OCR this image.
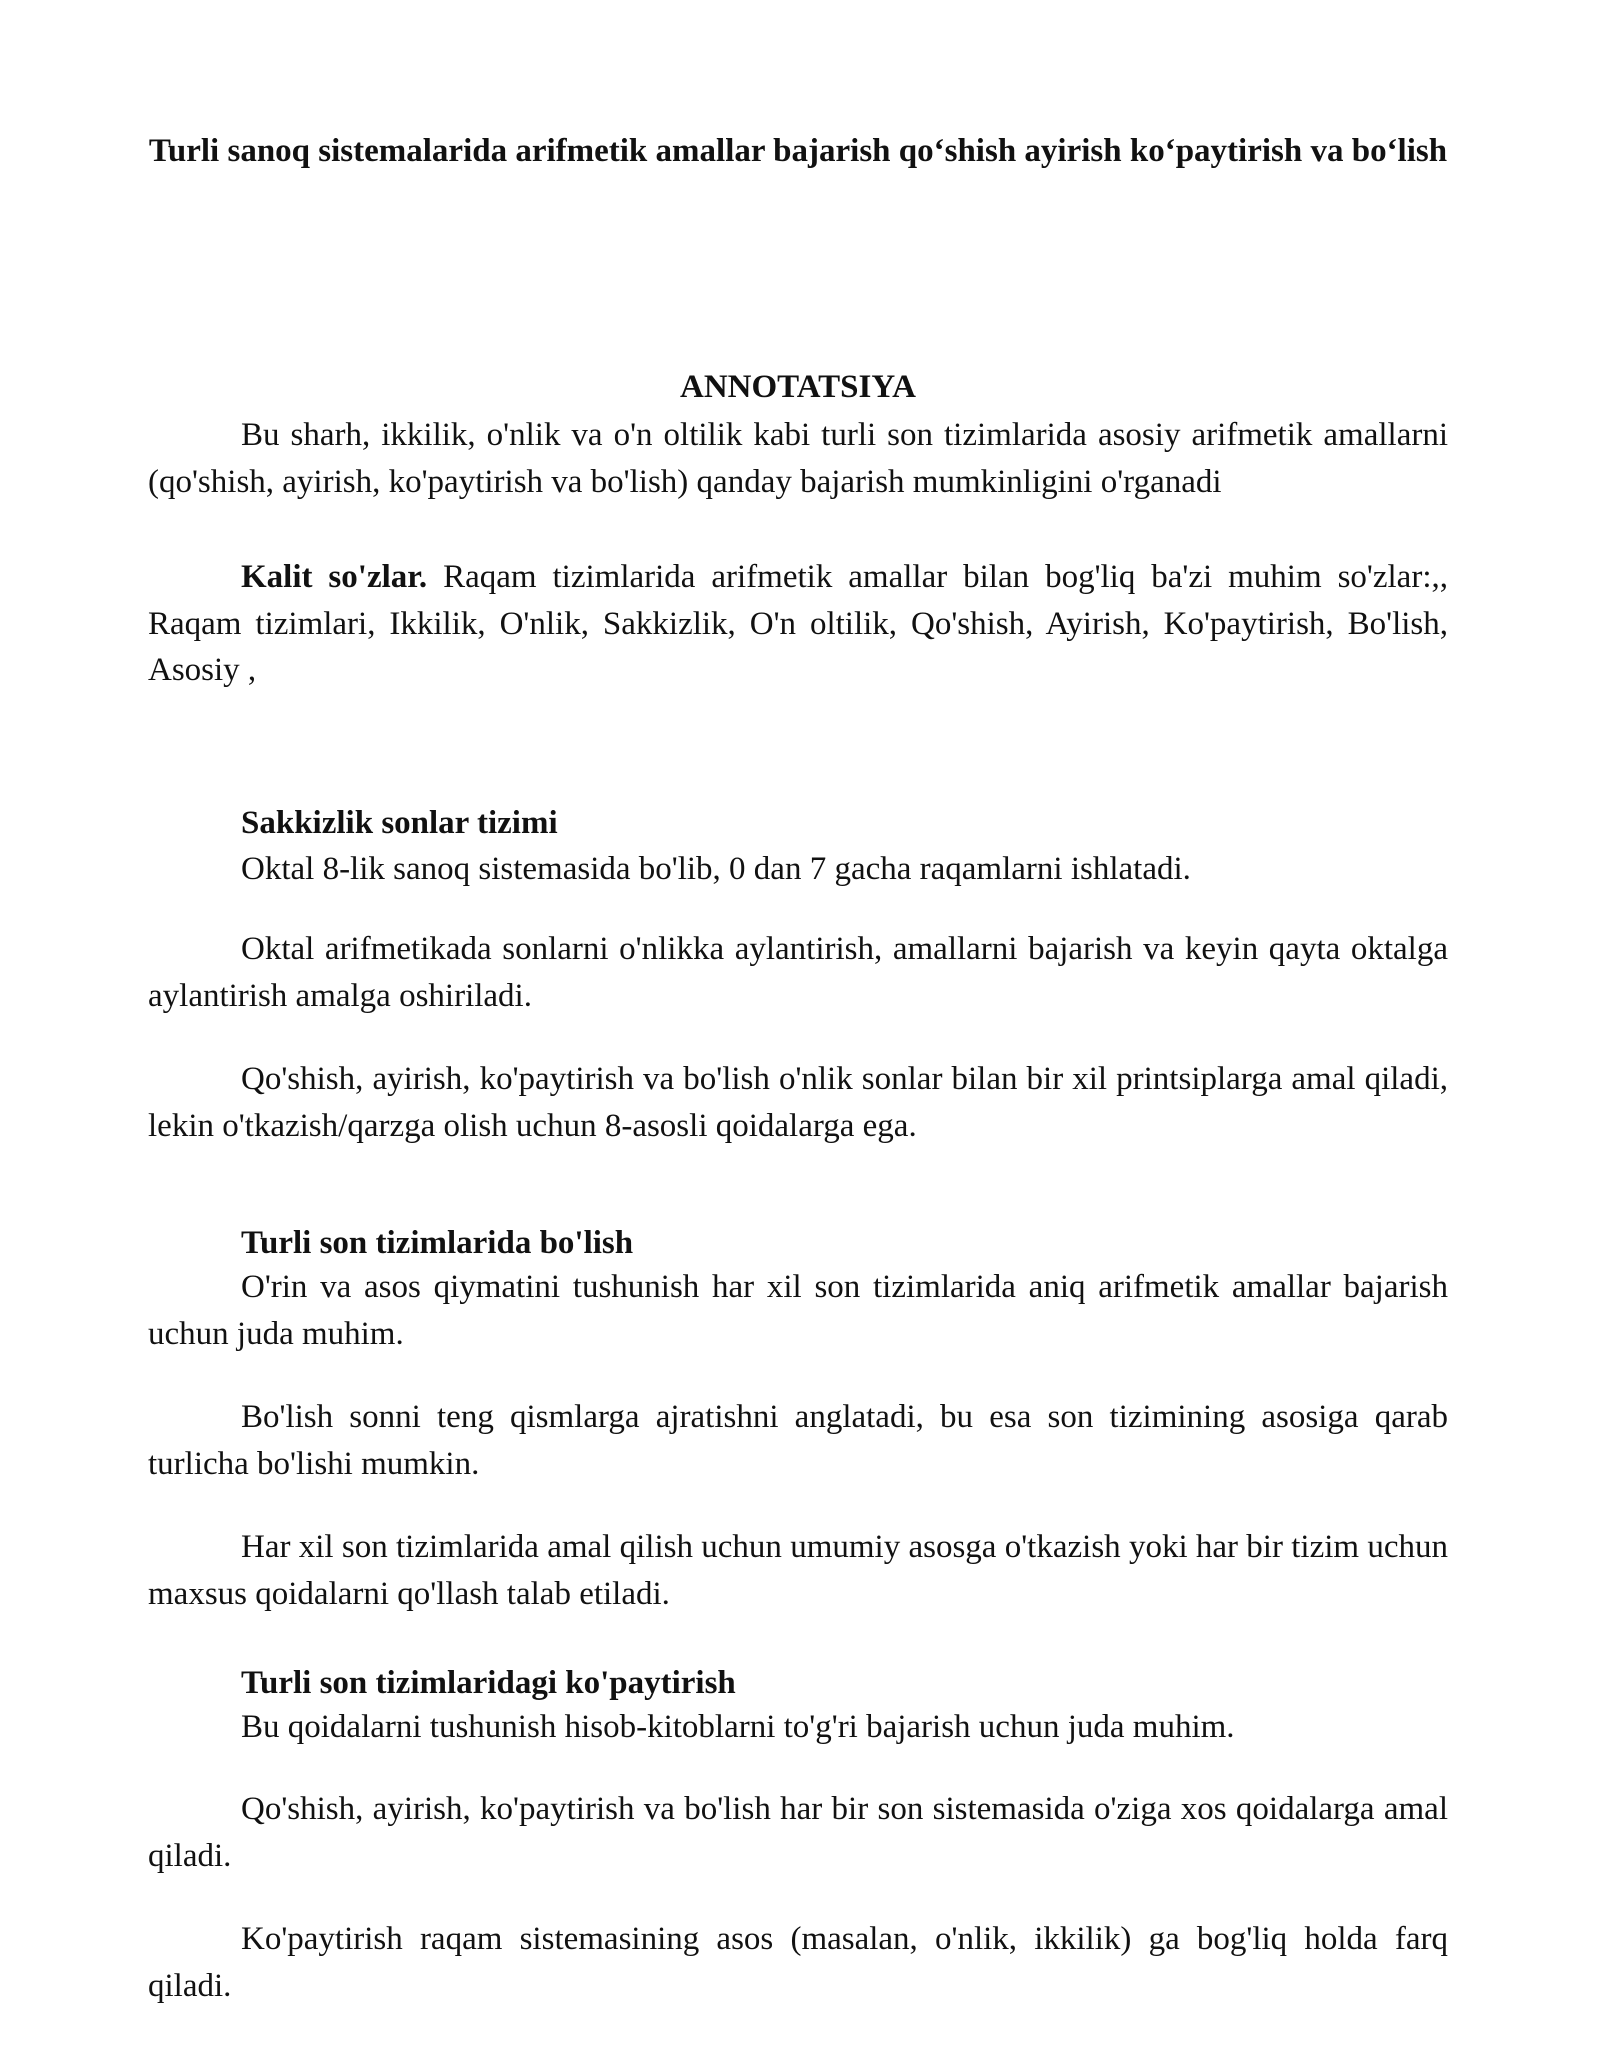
Turli sanoq sistemalarida arifmetik amallar bajarish qo‘shish ayirish ko‘paytirish va bo‘lish
ANNOTATSIYA

Bu sharh, ikkilik, o'nlik va o'n oltilik kabi turli son tizimlarida asosiy arifmetik amallarni (qo'shish, ayirish, ko'paytirish va bo'lish) qanday bajarish mumkinligini o'rganadi

Kalit so'zlar. Raqam tizimlarida arifmetik amallar bilan bog'liq ba'zi muhim so'zlar:,, Raqam tizimlari, Ikkilik, O'nlik, Sakkizlik, O'n oltilik, Qo'shish, Ayirish, Ko'paytirish, Bo'lish, Asosiy ,

Sakkizlik sonlar tizimi

Oktal 8-lik sanoq sistemasida bo'lib, 0 dan 7 gacha raqamlarni ishlatadi.

Oktal arifmetikada sonlarni o'nlikka aylantirish, amallarni bajarish va keyin qayta oktalga aylantirish amalga oshiriladi.

Qo'shish, ayirish, ko'paytirish va bo'lish o'nlik sonlar bilan bir xil printsiplarga amal qiladi, lekin o'tkazish/qarzga olish uchun 8-asosli qoidalarga ega.

Turli son tizimlarida bo'lish

O'rin va asos qiymatini tushunish har xil son tizimlarida aniq arifmetik amallar bajarish uchun juda muhim.

Bo'lish sonni teng qismlarga ajratishni anglatadi, bu esa son tizimining asosiga qarab turlicha bo'lishi mumkin.

Har xil son tizimlarida amal qilish uchun umumiy asosga o'tkazish yoki har bir tizim uchun maxsus qoidalarni qo'llash talab etiladi.

Turli son tizimlaridagi ko'paytirish

Bu qoidalarni tushunish hisob-kitoblarni to'g'ri bajarish uchun juda muhim.

Qo'shish, ayirish, ko'paytirish va bo'lish har bir son sistemasida o'ziga xos qoidalarga amal qiladi.

Ko'paytirish raqam sistemasining asos (masalan, o'nlik, ikkilik) ga bog'liq holda farq qiladi.
